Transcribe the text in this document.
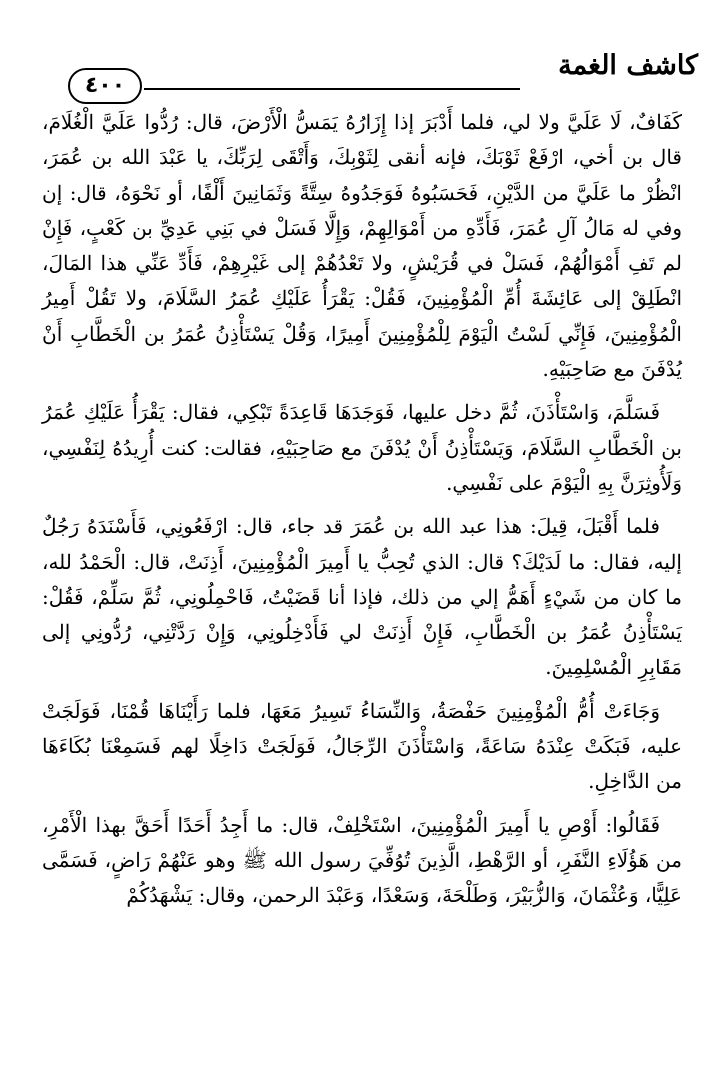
كاشف الغمة
٤٠٠

كَفَافٌ، لَا عَلَيَّ ولا لي، فلما أَدْبَرَ إذا إِزَارُهُ يَمَسُّ الْأَرْضَ، قال: رُدُّوا عَلَيَّ الْغُلَامَ، قال بن أخي، ارْفَعْ ثَوْبَكَ، فإنه أنقى لِثَوْبِكَ، وَأَتْقَى لِرَبِّكَ، يا عَبْدَ الله بن عُمَرَ، انْظُرْ ما عَلَيَّ من الدَّيْنِ، فَحَسَبُوهُ فَوَجَدُوهُ سِتَّةً وَثَمَانِينَ أَلْفًا، أو نَحْوَهُ، قال: إن وفي له مَالُ آلِ عُمَرَ، فَأَدِّهِ من أَمْوَالِهِمْ، وَإِلَّا فَسَلْ في بَنِي عَدِيِّ بن كَعْبٍ، فَإِنْ لم تَفِ أَمْوَالُهُمْ، فَسَلْ في قُرَيْشٍ، ولا تَعْدُهُمْ إلى غَيْرِهِمْ، فَأَدِّ عَنِّي هذا المَالَ، انْطَلِقْ إلى عَائِشَةَ أُمِّ الْمُؤْمِنِينَ، فَقُلْ: يَقْرَأُ عَلَيْكِ عُمَرُ السَّلَامَ، ولا تَقُلْ أَمِيرُ الْمُؤْمِنِينَ، فَإِنِّي لَسْتُ الْيَوْمَ لِلْمُؤْمِنِينَ أَمِيرًا، وَقُلْ يَسْتَأْذِنُ عُمَرُ بن الْخَطَّابِ أَنْ يُدْفَنَ مع صَاحِبَيْهِ.

فَسَلَّمَ، وَاسْتَأْذَنَ، ثُمَّ دخل عليها، فَوَجَدَهَا قَاعِدَةً تَبْكِي، فقال: يَقْرَأُ عَلَيْكِ عُمَرُ بن الْخَطَّابِ السَّلَامَ، وَيَسْتَأْذِنُ أَنْ يُدْفَنَ مع صَاحِبَيْهِ، فقالت: كنت أُرِيدُهُ لِنَفْسِي، وَلَأُوثِرَنَّ بِهِ الْيَوْمَ على نَفْسِي.

فلما أَقْبَلَ، قِيلَ: هذا عبد الله بن عُمَرَ قد جاء، قال: ارْفَعُونِي، فَأَسْنَدَهُ رَجُلٌ إليه، فقال: ما لَدَيْكَ؟ قال: الذي تُحِبُّ يا أَمِيرَ الْمُؤْمِنِينَ، أَذِنَتْ، قال: الْحَمْدُ لله، ما كان من شَيْءٍ أَهَمُّ إلي من ذلك، فإذا أنا قَضَيْتُ، فَاحْمِلُونِي، ثُمَّ سَلِّمْ، فَقُلْ: يَسْتَأْذِنُ عُمَرُ بن الْخَطَّابِ، فَإِنْ أَذِنَتْ لي فَأَدْخِلُونِي، وَإِنْ رَدَّتْنِي، رُدُّونِي إلى مَقَابِرِ الْمُسْلِمِينَ.

وَجَاءَتْ أُمُّ الْمُؤْمِنِينَ حَفْصَةُ، وَالنِّسَاءُ تَسِيرُ مَعَهَا، فلما رَأَيْنَاهَا قُمْنَا، فَوَلَجَتْ عليه، فَبَكَتْ عِنْدَهُ سَاعَةً، وَاسْتَأْذَنَ الرِّجَالُ، فَوَلَجَتْ دَاخِلًا لهم فَسَمِعْنَا بُكَاءَهَا من الدَّاخِلِ.

فَقَالُوا: أَوْصِ يا أَمِيرَ الْمُؤْمِنِينَ، اسْتَخْلِفْ، قال: ما أَجِدُ أَحَدًا أَحَقَّ بهذا الْأَمْرِ، من هَؤُلَاءِ النَّفَرِ، أو الرَّهْطِ، الَّذِينَ تُوُفِّيَ رسول الله ﷺ وهو عَنْهُمْ رَاضٍ، فَسَمَّى عَلِيًّا، وَعُثْمَانَ، وَالزُّبَيْرَ، وَطَلْحَةَ، وَسَعْدًا، وَعَبْدَ الرحمن، وقال: يَشْهَدُكُمْ
